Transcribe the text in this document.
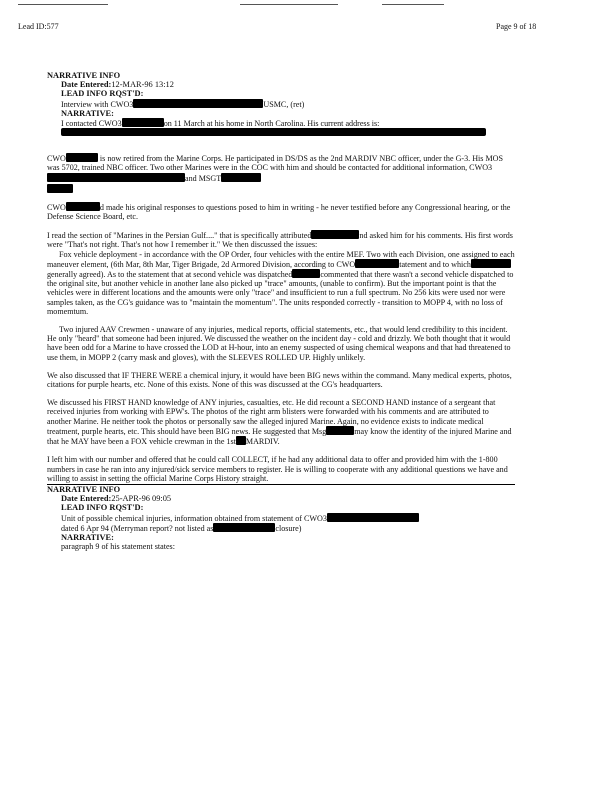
Lead ID:577	Page 9 of 18
NARRATIVE INFO
Date Entered:12-MAR-96 13:12
LEAD INFO RQST'D:

Interview with CWO3	USMC, (ret)

NARRATIVE:

I contacted CWO3	on 11 March at his home in North Carolina. His current address is:

CWO	is now retired from the Marine Corps. He participated in DS/DS as the 2nd MARDIV NBC officer, under the G-3. His MOS was 5702, trained NBC officer. Two other Marines were in the COC with him and should be contacted for additional information, CWO3and MSGT

CWO	d made his original responses to questions posed to him in writing - he never testified before any Congressional hearing, or the Defense Science Board, etc.

I read the section of "Marines in the Persian Gulf...." that is specifically attributed	nd asked him for his comments. His first words were "That's not right. That's not how I remember it." We then discussed the issues:
Fox vehicle deployment - in accordance with the OP Order, four vehicles with the entire MEF. Two with each Division, one assigned to each maneuver element, (6th Mar, 8th Mar, Tiger Brigade, 2d Armored Division, according to CWO	tatement and to whichgenerally agreed). As to the statement that at second vehicle was dispatched	commented that there wasn't a second vehicle dispatched to the original site, but another vehicle in another lane also picked up "trace" amounts, (unable to confirm). But the important point is that the vehicles were in different locations and the amounts were only "trace" and insufficient to run a full spectrum. No 256 kits were used nor were samples taken, as the CG's guidance was to "maintain the momentum". The units responded correctly - transition to MOPP 4, with no loss of momemtum.

Two injured AAV Crewmen - unaware of any injuries, medical reports, official statements, etc., that would lend credibility to this incident. He only "heard" that someone had been injured. We discussed the weather on the incident day - cold and drizzly. We both thought that it would have been odd for a Marine to have crossed the LOD at H-hour, into an enemy suspected of using chemical weapons and that had threatened to use them, in MOPP 2 (carry mask and gloves), with the SLEEVES ROLLED UP. Highly unlikely.

We also discussed that IF THERE WERE a chemical injury, it would have been BIG news within the command. Many medical experts, photos, citations for purple hearts, etc. None of this exists. None of this was discussed at the CG's headquarters.

We discussed his FIRST HAND knowledge of ANY injuries, casualties, etc. He did recount a SECOND HAND instance of a sergeant that received injuries from working with EPW's. The photos of the right arm blisters were forwarded with his comments and are attributed to another Marine. He neither took the photos or personally saw the alleged injured Marine. Again, no evidence exists to indicate medical treatment, purple hearts, etc. This should have been BIG news. He suggested that Msg	may know the identity of the injured Marine and that he MAY have been a FOX vehicle crewman in the 1st MARDIV.

I left him with our number and offered that he could call COLLECT, if he had any additional data to offer and provided him with the 1-800 numbers in case he ran into any injured/sick service members to register. He is willing to cooperate with any additional questions we have and willing to assist in setting the official Marine Corps History straight.

NARRATIVE INFO
Date Entered:25-APR-96 09:05
LEAD INFO RQST'D:

Unit of possible chemical injuries, information obtained from statement of CWO3
dated 6 Apr 94 (Merryman report? not listed as	closure)

NARRATIVE:

paragraph 9 of his statement states:
